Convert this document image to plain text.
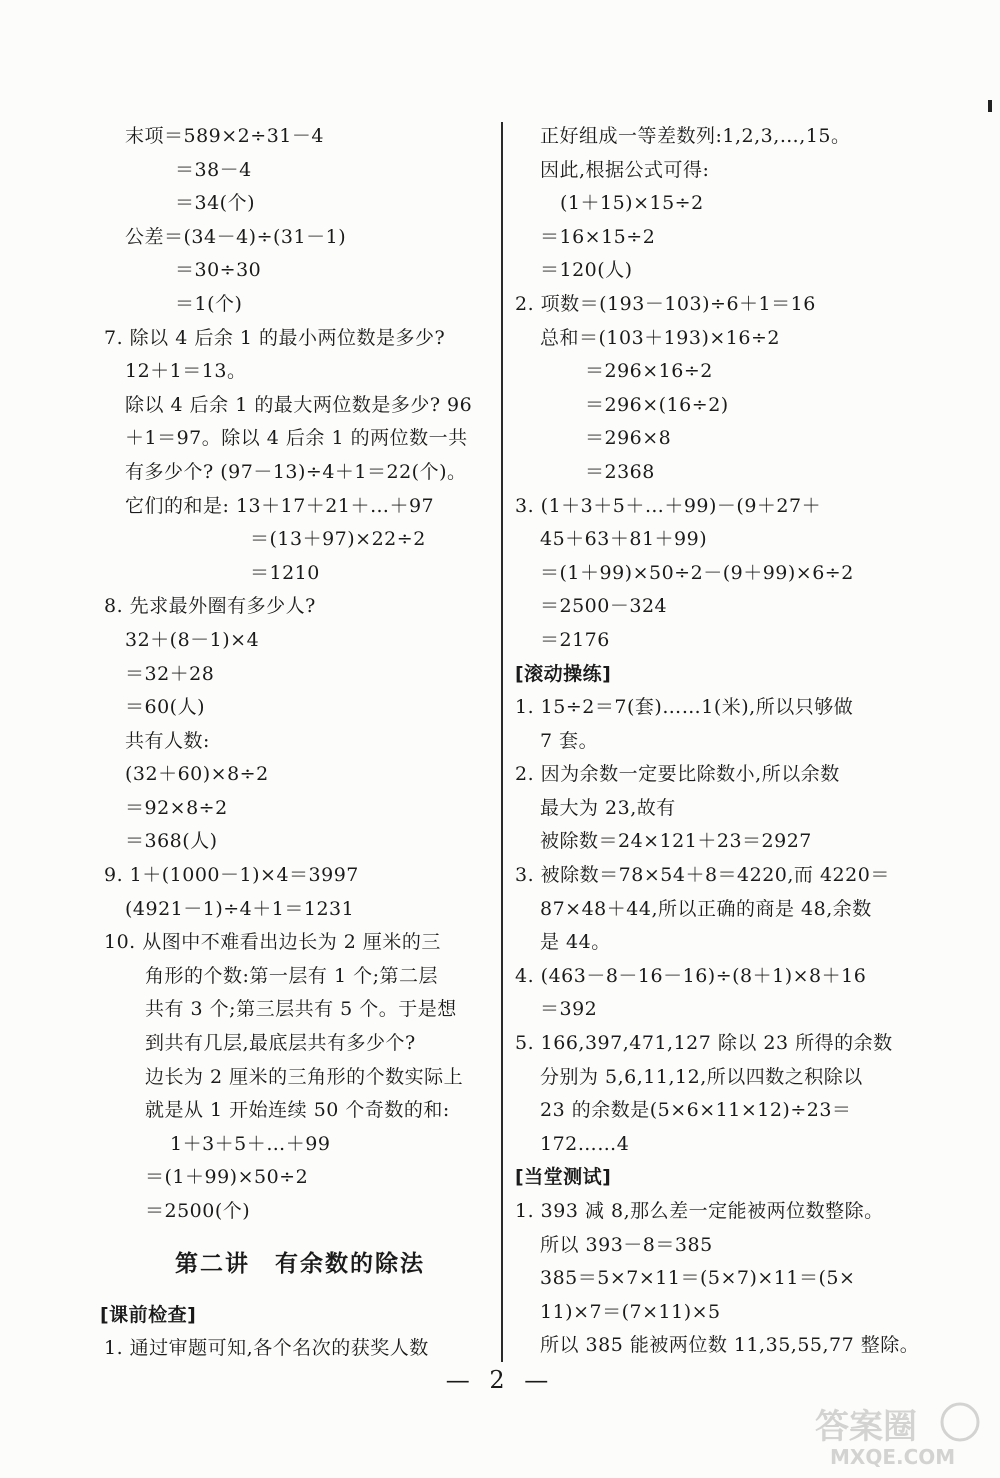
末项＝589×2÷31－4
＝38－4
＝34(个)
公差＝(34－4)÷(31－1)
＝30÷30
＝1(个)
7. 除以 4 后余 1 的最小两位数是多少?
12＋1＝13。
除以 4 后余 1 的最大两位数是多少? 96
＋1＝97。除以 4 后余 1 的两位数一共
有多少个? (97－13)÷4＋1＝22(个)。
它们的和是: 13＋17＋21＋…＋97
＝(13＋97)×22÷2
＝1210
8. 先求最外圈有多少人?
32＋(8－1)×4
＝32＋28
＝60(人)
共有人数:
(32＋60)×8÷2
＝92×8÷2
＝368(人)
9. 1＋(1000－1)×4＝3997
(4921－1)÷4＋1＝1231
10. 从图中不难看出边长为 2 厘米的三
角形的个数:第一层有 1 个;第二层
共有 3 个;第三层共有 5 个。于是想
到共有几层,最底层共有多少个?
边长为 2 厘米的三角形的个数实际上
就是从 1 开始连续 50 个奇数的和:
1＋3＋5＋…＋99
＝(1＋99)×50÷2
＝2500(个)
第二讲　有余数的除法
[课前检查]
1. 通过审题可知,各个名次的获奖人数
正好组成一等差数列:1,2,3,…,15。
因此,根据公式可得:
(1＋15)×15÷2
＝16×15÷2
＝120(人)
2. 项数＝(193－103)÷6＋1＝16
总和＝(103＋193)×16÷2
＝296×16÷2
＝296×(16÷2)
＝296×8
＝2368
3. (1＋3＋5＋…＋99)－(9＋27＋
45＋63＋81＋99)
＝(1＋99)×50÷2－(9＋99)×6÷2
＝2500－324
＝2176
[滚动操练]
1. 15÷2＝7(套)……1(米),所以只够做
7 套。
2. 因为余数一定要比除数小,所以余数
最大为 23,故有
被除数＝24×121＋23＝2927
3. 被除数＝78×54＋8＝4220,而 4220＝
87×48＋44,所以正确的商是 48,余数
是 44。
4. (463－8－16－16)÷(8＋1)×8＋16
＝392
5. 166,397,471,127 除以 23 所得的余数
分别为 5,6,11,12,所以四数之积除以
23 的余数是(5×6×11×12)÷23＝
172……4
[当堂测试]
1. 393 减 8,那么差一定能被两位数整除。
所以 393－8＝385
385＝5×7×11＝(5×7)×11＝(5×
11)×7＝(7×11)×5
所以 385 能被两位数 11,35,55,77 整除。
— 2 —
答案圈
MXQE.COM
